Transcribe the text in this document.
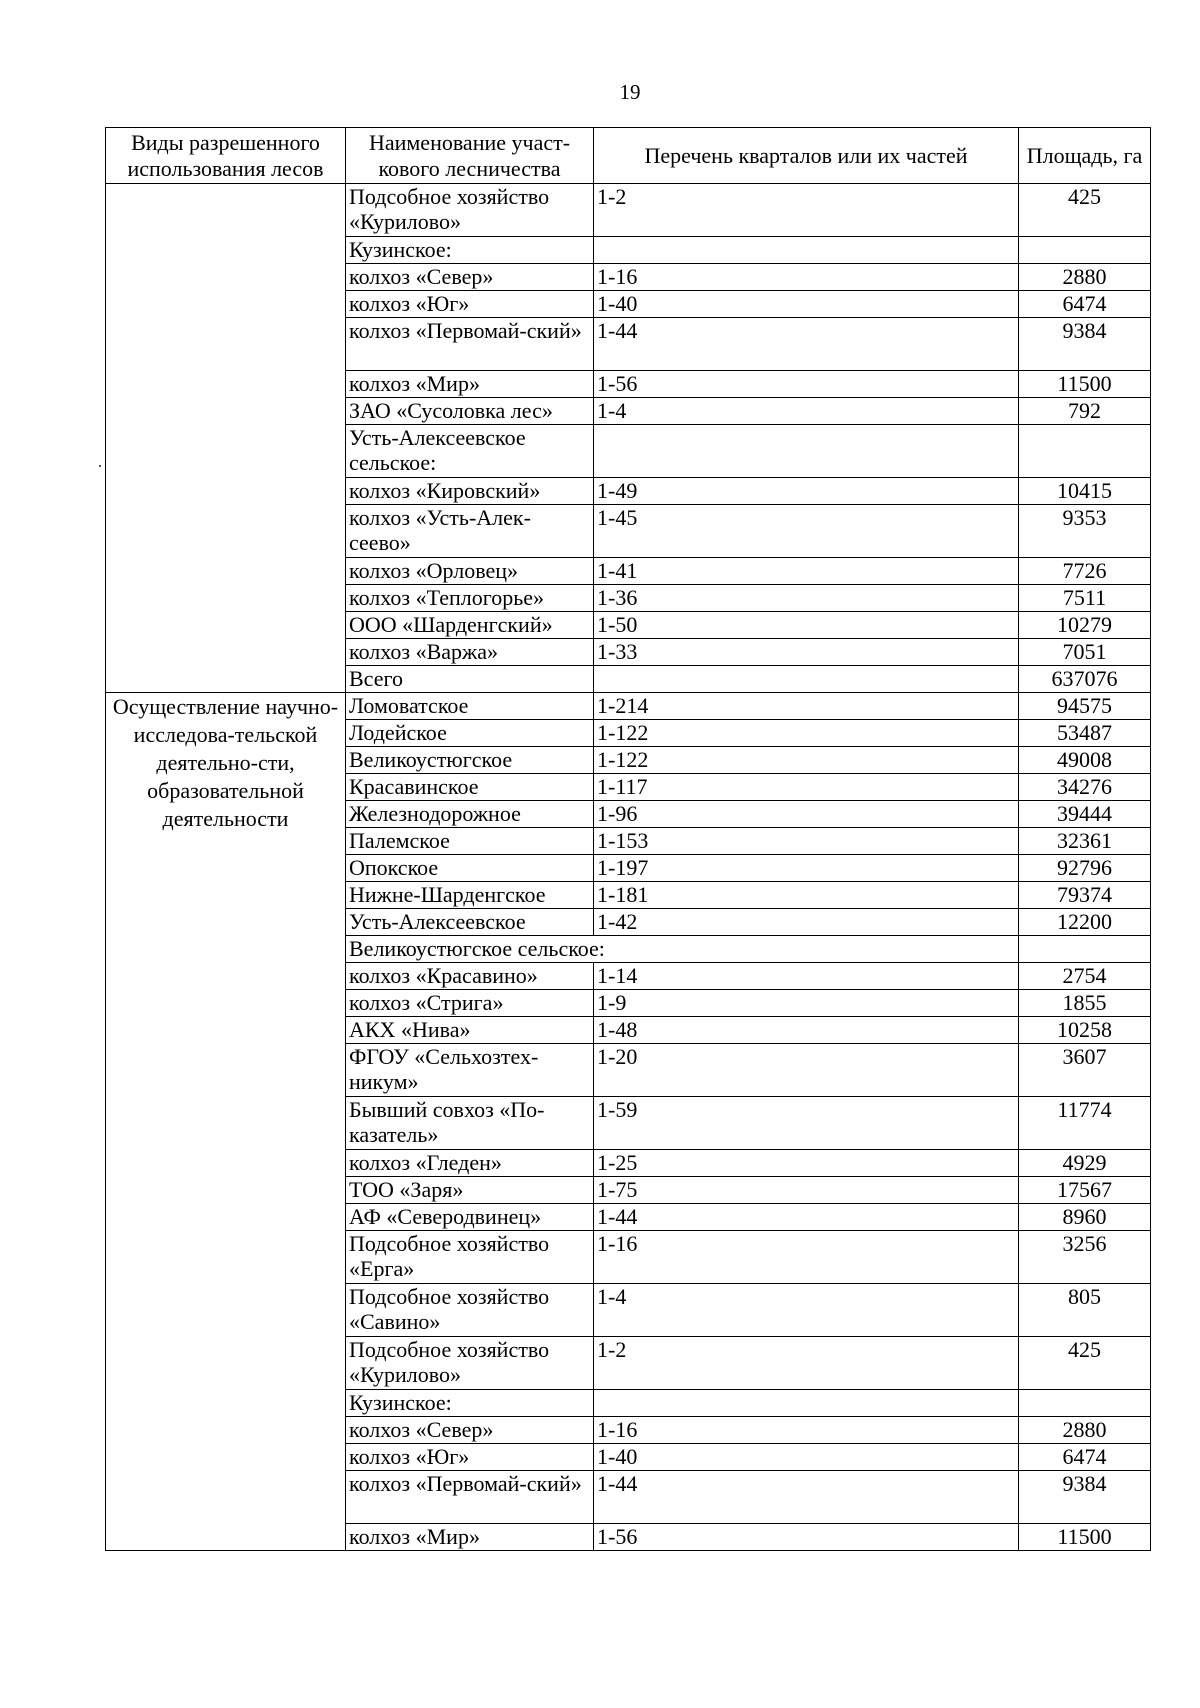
19
Виды разрешенного использования лесов	Наименование участ-кового лесничества	Перечень кварталов или их частей	Площадь, га
	Подсобное хозяйство «Курилово»	1-2	425
	Кузинское:		
	колхоз «Север»	1-16	2880
	колхоз «Юг»	1-40	6474
	колхоз «Первомай-ский»	1-44	9384
	колхоз «Мир»	1-56	11500
	ЗАО «Сусоловка лес»	1-4	792
	Усть-Алексеевское сельское:		
	колхоз «Кировский»	1-49	10415
	колхоз «Усть-Алек-сеево»	1-45	9353
	колхоз «Орловец»	1-41	7726
	колхоз «Теплогорье»	1-36	7511
	ООО «Шарденгский»	1-50	10279
	колхоз «Варжа»	1-33	7051
	Всего		637076
Осуществление научно-исследова-тельской деятельно-сти, образовательной деятельности	Ломоватское	1-214	94575
	Лодейское	1-122	53487
	Великоустюгское	1-122	49008
	Красавинское	1-117	34276
	Железнодорожное	1-96	39444
	Палемское	1-153	32361
	Опокское	1-197	92796
	Нижне-Шарденгское	1-181	79374
	Усть-Алексеевское	1-42	12200
	Великоустюгское сельское:		
	колхоз «Красавино»	1-14	2754
	колхоз «Стрига»	1-9	1855
	АКХ «Нива»	1-48	10258
	ФГОУ «Сельхозтех-никум»	1-20	3607
	Бывший совхоз «По-казатель»	1-59	11774
	колхоз «Гледен»	1-25	4929
	ТОО «Заря»	1-75	17567
	АФ «Северодвинец»	1-44	8960
	Подсобное хозяйство «Ерга»	1-16	3256
	Подсобное хозяйство «Савино»	1-4	805
	Подсобное хозяйство «Курилово»	1-2	425
	Кузинское:		
	колхоз «Север»	1-16	2880
	колхоз «Юг»	1-40	6474
	колхоз «Первомай-ский»	1-44	9384
	колхоз «Мир»	1-56	11500
